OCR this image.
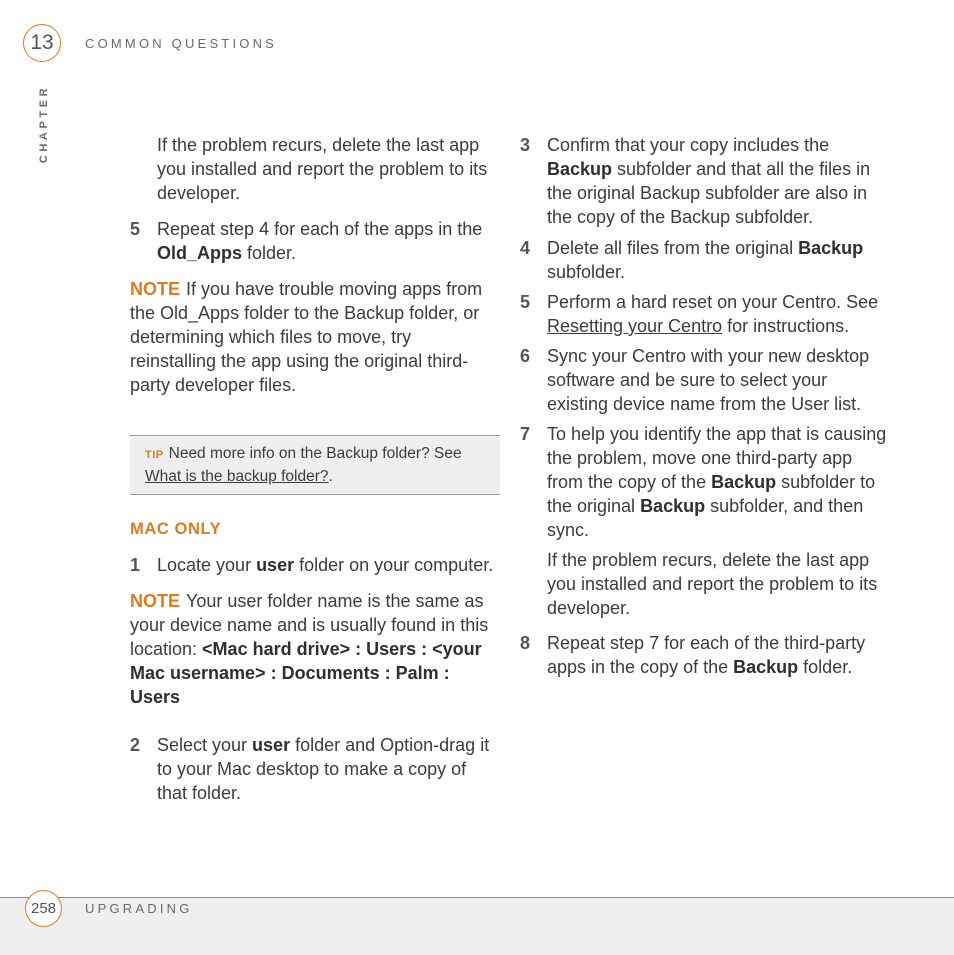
13	COMMON QUESTIONS
CHAPTER	If the problem recurs, delete the last app you installed and report the problem to its developer.

5 Repeat step 4 for each of the apps in the Old_Apps folder.

NOTE If you have trouble moving apps from the Old_Apps folder to the Backup folder, or determining which files to move, try reinstalling the app using the original third-party developer files.

TIP Need more info on the Backup folder? See What is the backup folder?.

MAC ONLY

1 Locate your user folder on your computer.

NOTE Your user folder name is the same as your device name and is usually found in this location: <Mac hard drive> : Users : <your Mac username> : Documents : Palm : Users

2 Select your user folder and Option-drag it to your Mac desktop to make a copy of that folder.

3 Confirm that your copy includes the Backup subfolder and that all the files in the original Backup subfolder are also in the copy of the Backup subfolder.

4 Delete all files from the original Backup subfolder.

5 Perform a hard reset on your Centro. See Resetting your Centro for instructions.

6 Sync your Centro with your new desktop software and be sure to select your existing device name from the User list.

7 To help you identify the app that is causing the problem, move one third-party app from the copy of the Backup subfolder to the original Backup subfolder, and then sync.

If the problem recurs, delete the last app you installed and report the problem to its developer.

8 Repeat step 7 for each of the third-party apps in the copy of the Backup folder.

258	UPGRADING
